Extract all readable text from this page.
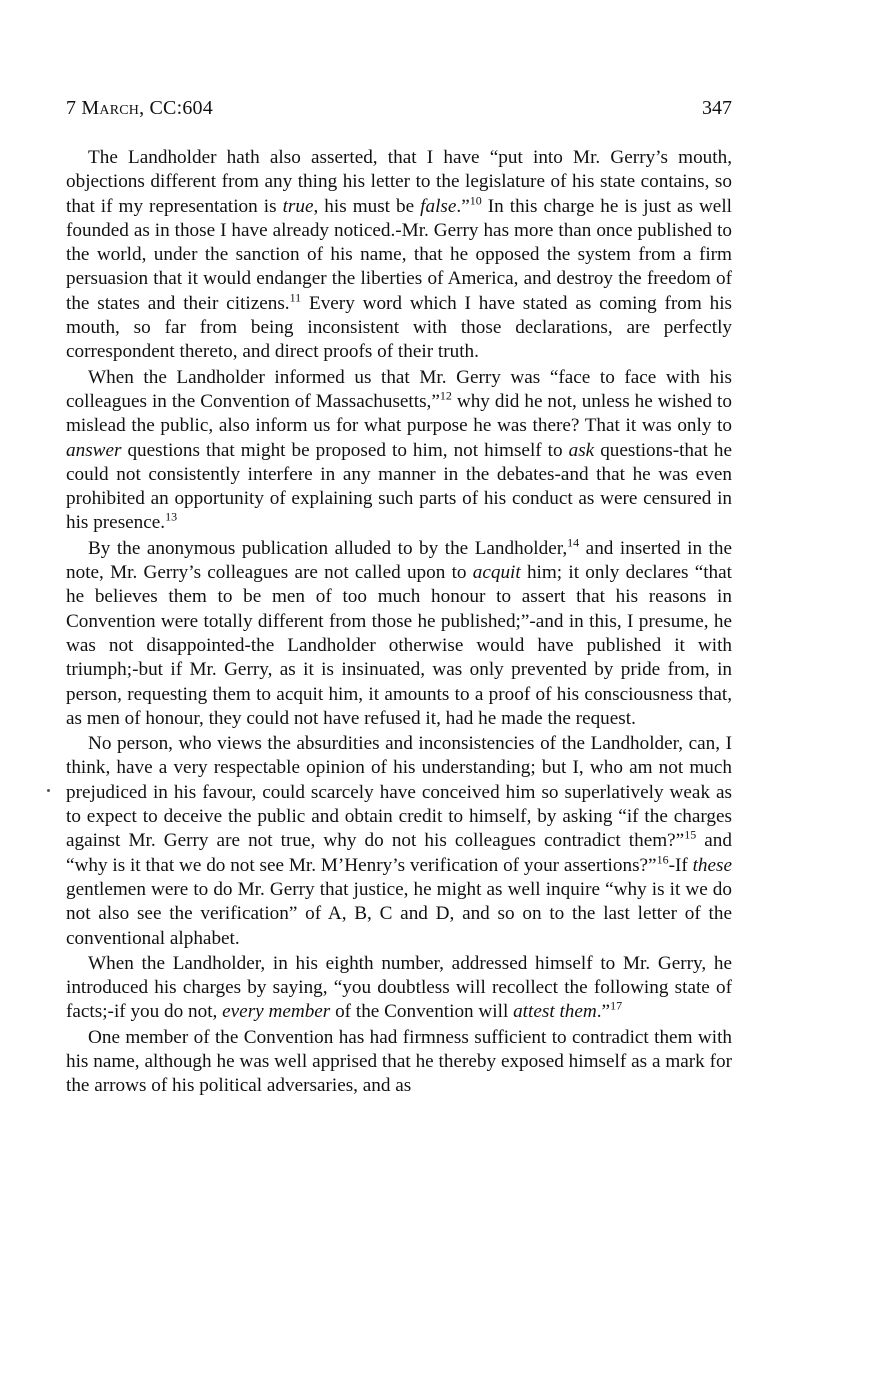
7 March, CC:604	347

The Landholder hath also asserted, that I have “put into Mr. Gerry’s mouth, objections different from any thing his letter to the legislature of his state contains, so that if my representation is true, his must be false.”$^{10}$ In this charge he is just as well founded as in those I have already noticed.-Mr. Gerry has more than once published to the world, under the sanction of his name, that he opposed the system from a firm persuasion that it would endanger the liberties of America, and destroy the freedom of the states and their citizens.$^{11}$ Every word which I have stated as coming from his mouth, so far from being inconsistent with those declarations, are perfectly correspondent thereto, and direct proofs of their truth.

When the Landholder informed us that Mr. Gerry was “face to face with his colleagues in the Convention of Massachusetts,”$^{12}$ why did he not, unless he wished to mislead the public, also inform us for what purpose he was there? That it was only to answer questions that might be proposed to him, not himself to ask questions-that he could not consistently interfere in any manner in the debates-and that he was even prohibited an opportunity of explaining such parts of his conduct as were censured in his presence.$^{13}$

By the anonymous publication alluded to by the Landholder,$^{14}$ and inserted in the note, Mr. Gerry’s colleagues are not called upon to acquit him; it only declares “that he believes them to be men of too much honour to assert that his reasons in Convention were totally different from those he published;”-and in this, I presume, he was not disappointed-the Landholder otherwise would have published it with triumph;-but if Mr. Gerry, as it is insinuated, was only prevented by pride from, in person, requesting them to acquit him, it amounts to a proof of his consciousness that, as men of honour, they could not have refused it, had he made the request.

No person, who views the absurdities and inconsistencies of the Landholder, can, I think, have a very respectable opinion of his understanding; but I, who am not much prejudiced in his favour, could scarcely have conceived him so superlatively weak as to expect to deceive the public and obtain credit to himself, by asking “if the charges against Mr. Gerry are not true, why do not his colleagues contradict them?”$^{15}$ and “why is it that we do not see Mr. M’Henry’s verification of your assertions?”$^{16}$-If these gentlemen were to do Mr. Gerry that justice, he might as well inquire “why is it we do not also see the verification” of A, B, C and D, and so on to the last letter of the conventional alphabet.

When the Landholder, in his eighth number, addressed himself to Mr. Gerry, he introduced his charges by saying, “you doubtless will recollect the following state of facts;-if you do not, every member of the Convention will attest them.”$^{17}$

One member of the Convention has had firmness sufficient to contradict them with his name, although he was well apprised that he thereby exposed himself as a mark for the arrows of his political adversaries, and as
